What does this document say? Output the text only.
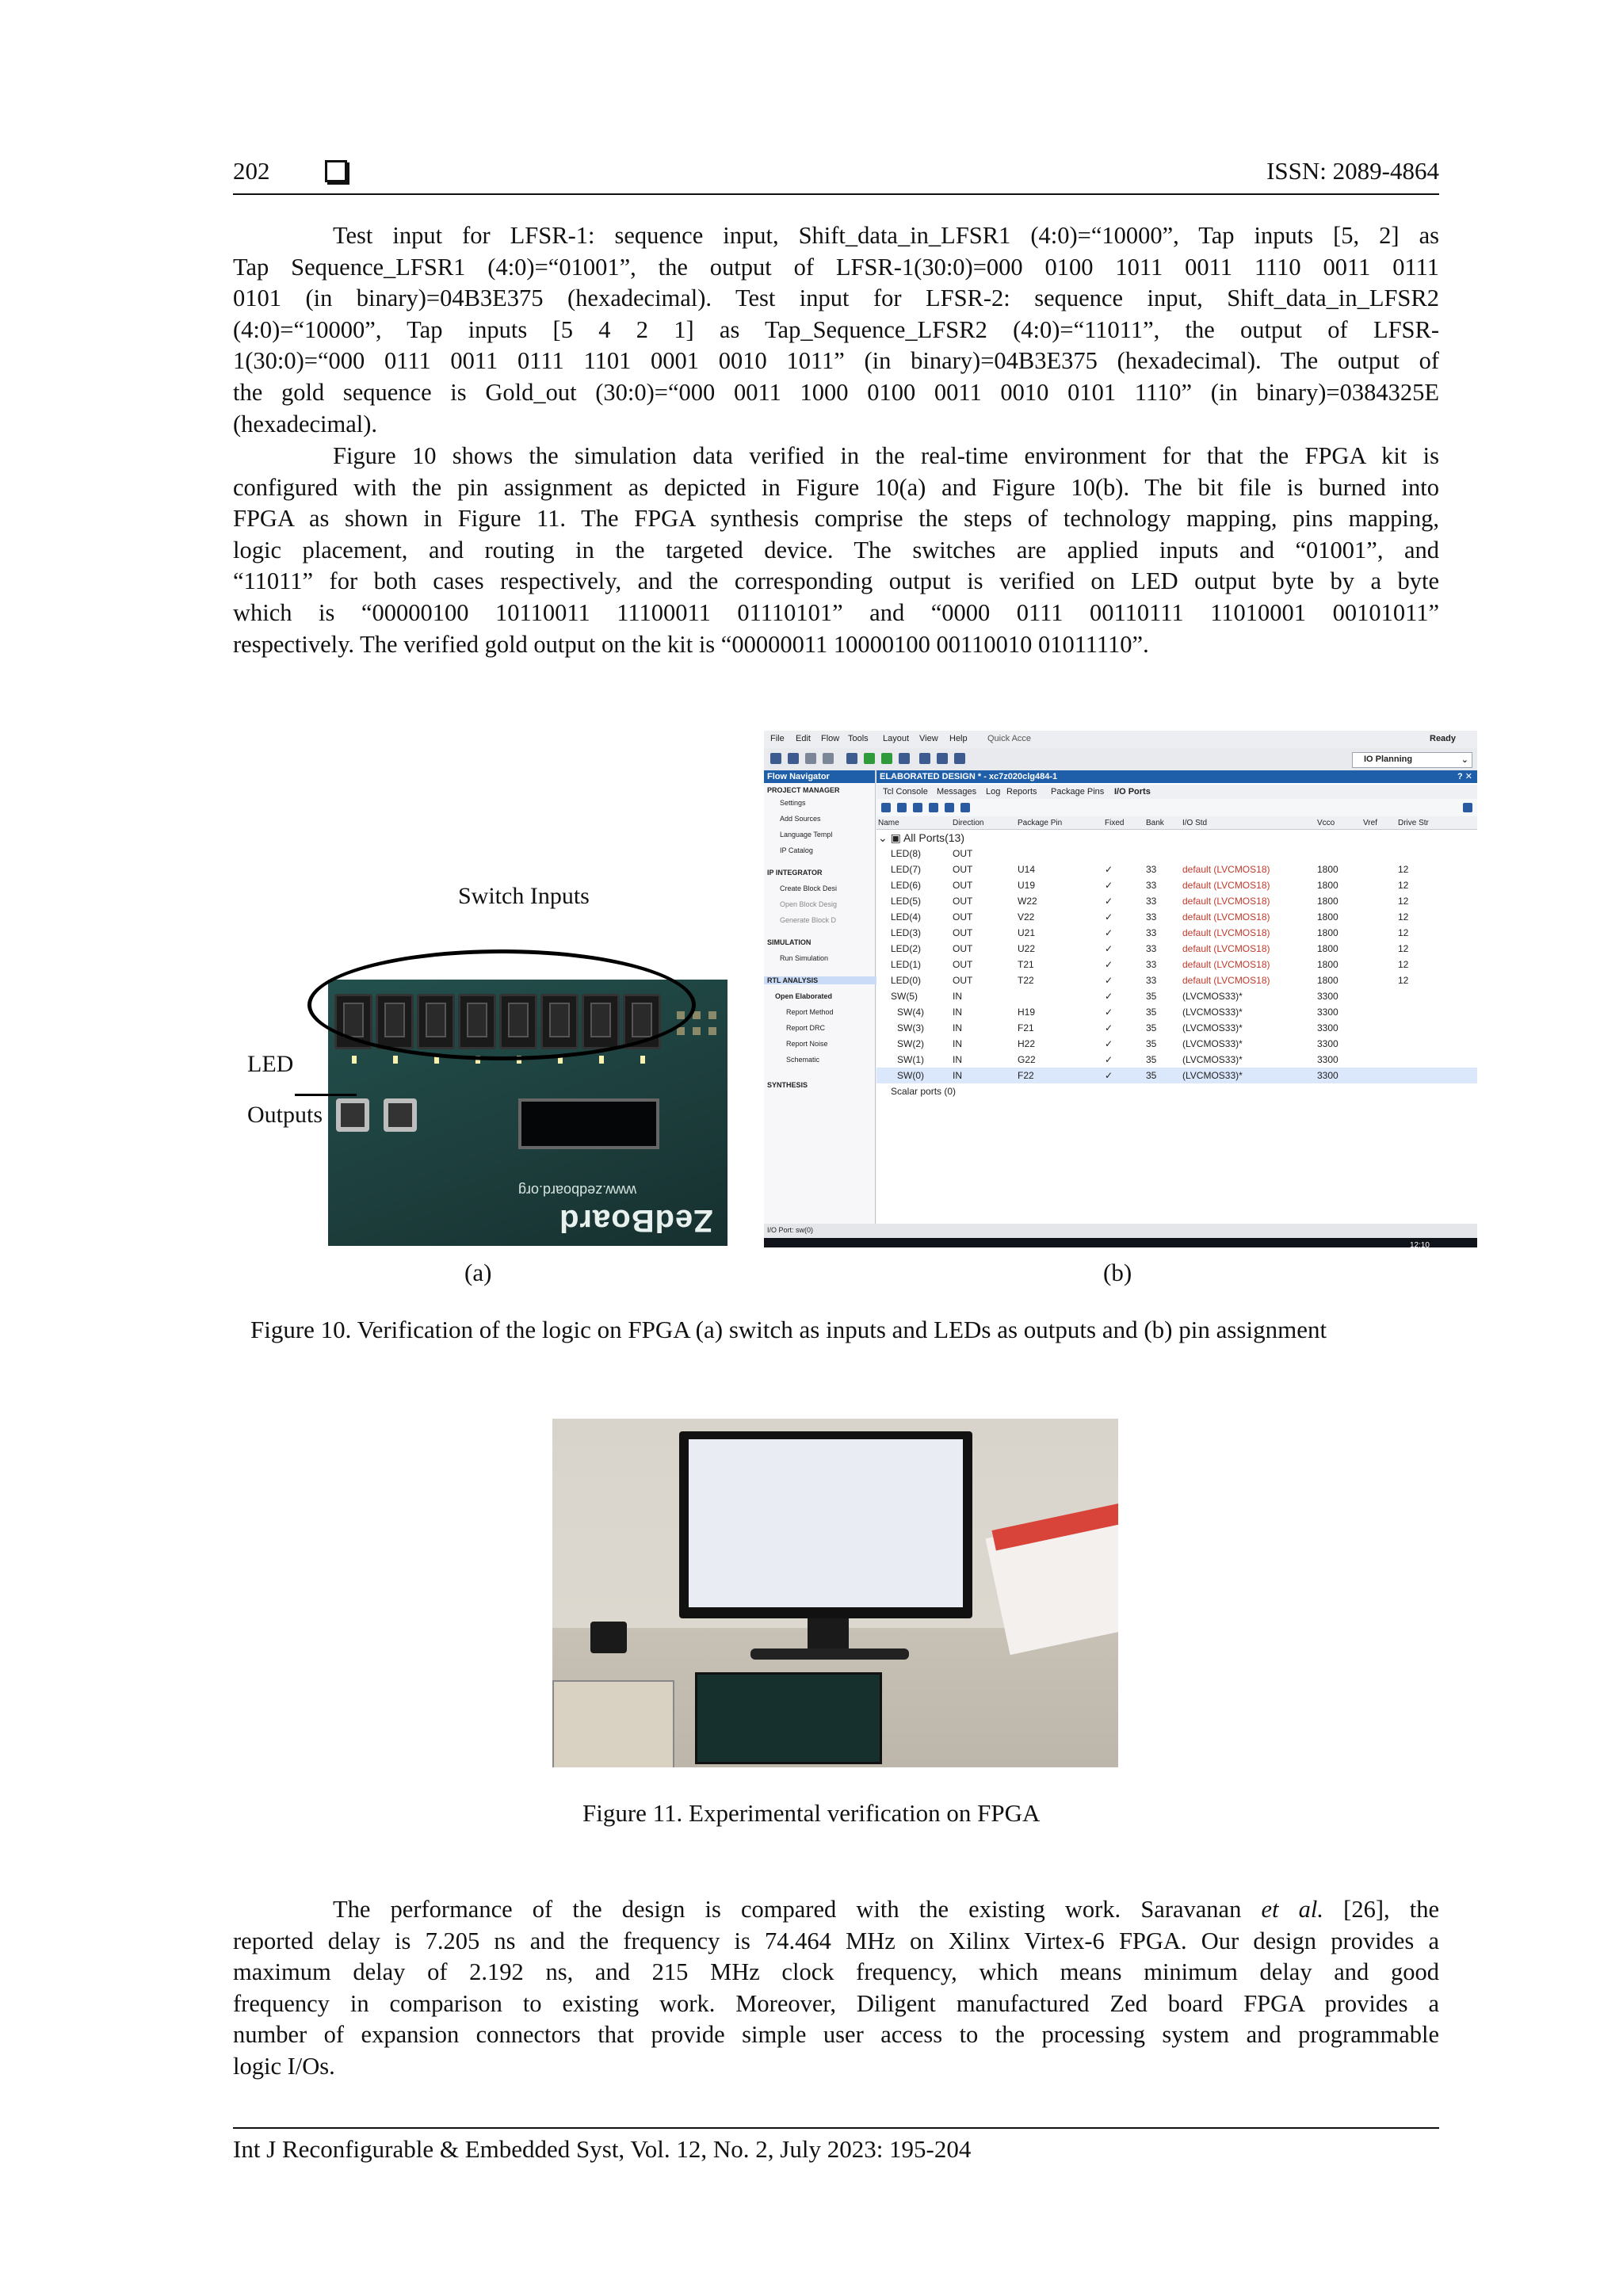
202	ISSN: 2089-4864

Test input for LFSR-1: sequence input, Shift_data_in_LFSR1 (4:0)=“10000”, Tap inputs [5, 2] as
Tap Sequence_LFSR1 (4:0)=“01001”, the output of LFSR-1(30:0)=000 0100 1011 0011 1110 0011 0111
0101 (in binary)=04B3E375 (hexadecimal). Test input for LFSR-2: sequence input, Shift_data_in_LFSR2
(4:0)=“10000”, Tap inputs [5 4 2 1] as Tap_Sequence_LFSR2 (4:0)=“11011”, the output of LFSR-
1(30:0)=“000 0111 0011 0111 1101 0001 0010 1011” (in binary)=04B3E375 (hexadecimal). The output of
the gold sequence is Gold_out (30:0)=“000 0011 1000 0100 0011 0010 0101 1110” (in binary)=0384325E
(hexadecimal).

Figure 10 shows the simulation data verified in the real-time environment for that the FPGA kit is
configured with the pin assignment as depicted in Figure 10(a) and Figure 10(b). The bit file is burned into
FPGA as shown in Figure 11. The FPGA synthesis comprise the steps of technology mapping, pins mapping,
logic placement, and routing in the targeted device. The switches are applied inputs and “01001”, and
“11011” for both cases respectively, and the corresponding output is verified on LED output byte by a byte
which is “00000100 10110011 11100011 01110101” and “0000 0111 00110111 11010001 00101011”
respectively. The verified gold output on the kit is “00000011 10000100 00110010 01011110”.

www.zedboard.org
ZedBoard
Switch Inputs
LED
Outputs
File Edit Flow Tools Layout View Help Quick Acce	Ready
IO Planning	⌄
Flow Navigator
PROJECT MANAGER
Settings
Add Sources
Language Templ
IP Catalog
IP INTEGRATOR
Create Block Desi
Open Block Desig
Generate Block D
SIMULATION
Run Simulation
RTL ANALYSIS
Open Elaborated
Report Method
Report DRC
Report Noise
Schematic
SYNTHESIS
ELABORATED DESIGN * - xc7z020clg484-1	? ✕
Tcl Console Messages Log Reports Package Pins I/O Ports
Name	Direction	Package Pin	Fixed	Bank	I/O Std	Vcco	Vref	Drive Str
⌄ ▣ All Ports(13)								
LED(8)	OUT							
LED(7)	OUT	U14	✓	33	default (LVCMOS18)	1800		12
LED(6)	OUT	U19	✓	33	default (LVCMOS18)	1800		12
LED(5)	OUT	W22	✓	33	default (LVCMOS18)	1800		12
LED(4)	OUT	V22	✓	33	default (LVCMOS18)	1800		12
LED(3)	OUT	U21	✓	33	default (LVCMOS18)	1800		12
LED(2)	OUT	U22	✓	33	default (LVCMOS18)	1800		12
LED(1)	OUT	T21	✓	33	default (LVCMOS18)	1800		12
LED(0)	OUT	T22	✓	33	default (LVCMOS18)	1800		12
SW(5)	IN		✓	35	(LVCMOS33)*	3300		
SW(4)	IN	H19	✓	35	(LVCMOS33)*	3300		
SW(3)	IN	F21	✓	35	(LVCMOS33)*	3300		
SW(2)	IN	H22	✓	35	(LVCMOS33)*	3300		
SW(1)	IN	G22	✓	35	(LVCMOS33)*	3300		
SW(0)	IN	F22	✓	35	(LVCMOS33)*	3300		
Scalar ports (0)								
12:10
I/O Port: sw(0)
(a)	(b)
Figure 10. Verification of the logic on FPGA (a) switch as inputs and LEDs as outputs and (b) pin assignment
Figure 11. Experimental verification on FPGA

The performance of the design is compared with the existing work. Saravanan et al. [26], the
reported delay is 7.205 ns and the frequency is 74.464 MHz on Xilinx Virtex-6 FPGA. Our design provides a
maximum delay of 2.192 ns, and 215 MHz clock frequency, which means minimum delay and good
frequency in comparison to existing work. Moreover, Diligent manufactured Zed board FPGA provides a
number of expansion connectors that provide simple user access to the processing system and programmable
logic I/Os.

Int J Reconfigurable & Embedded Syst, Vol. 12, No. 2, July 2023: 195-204
